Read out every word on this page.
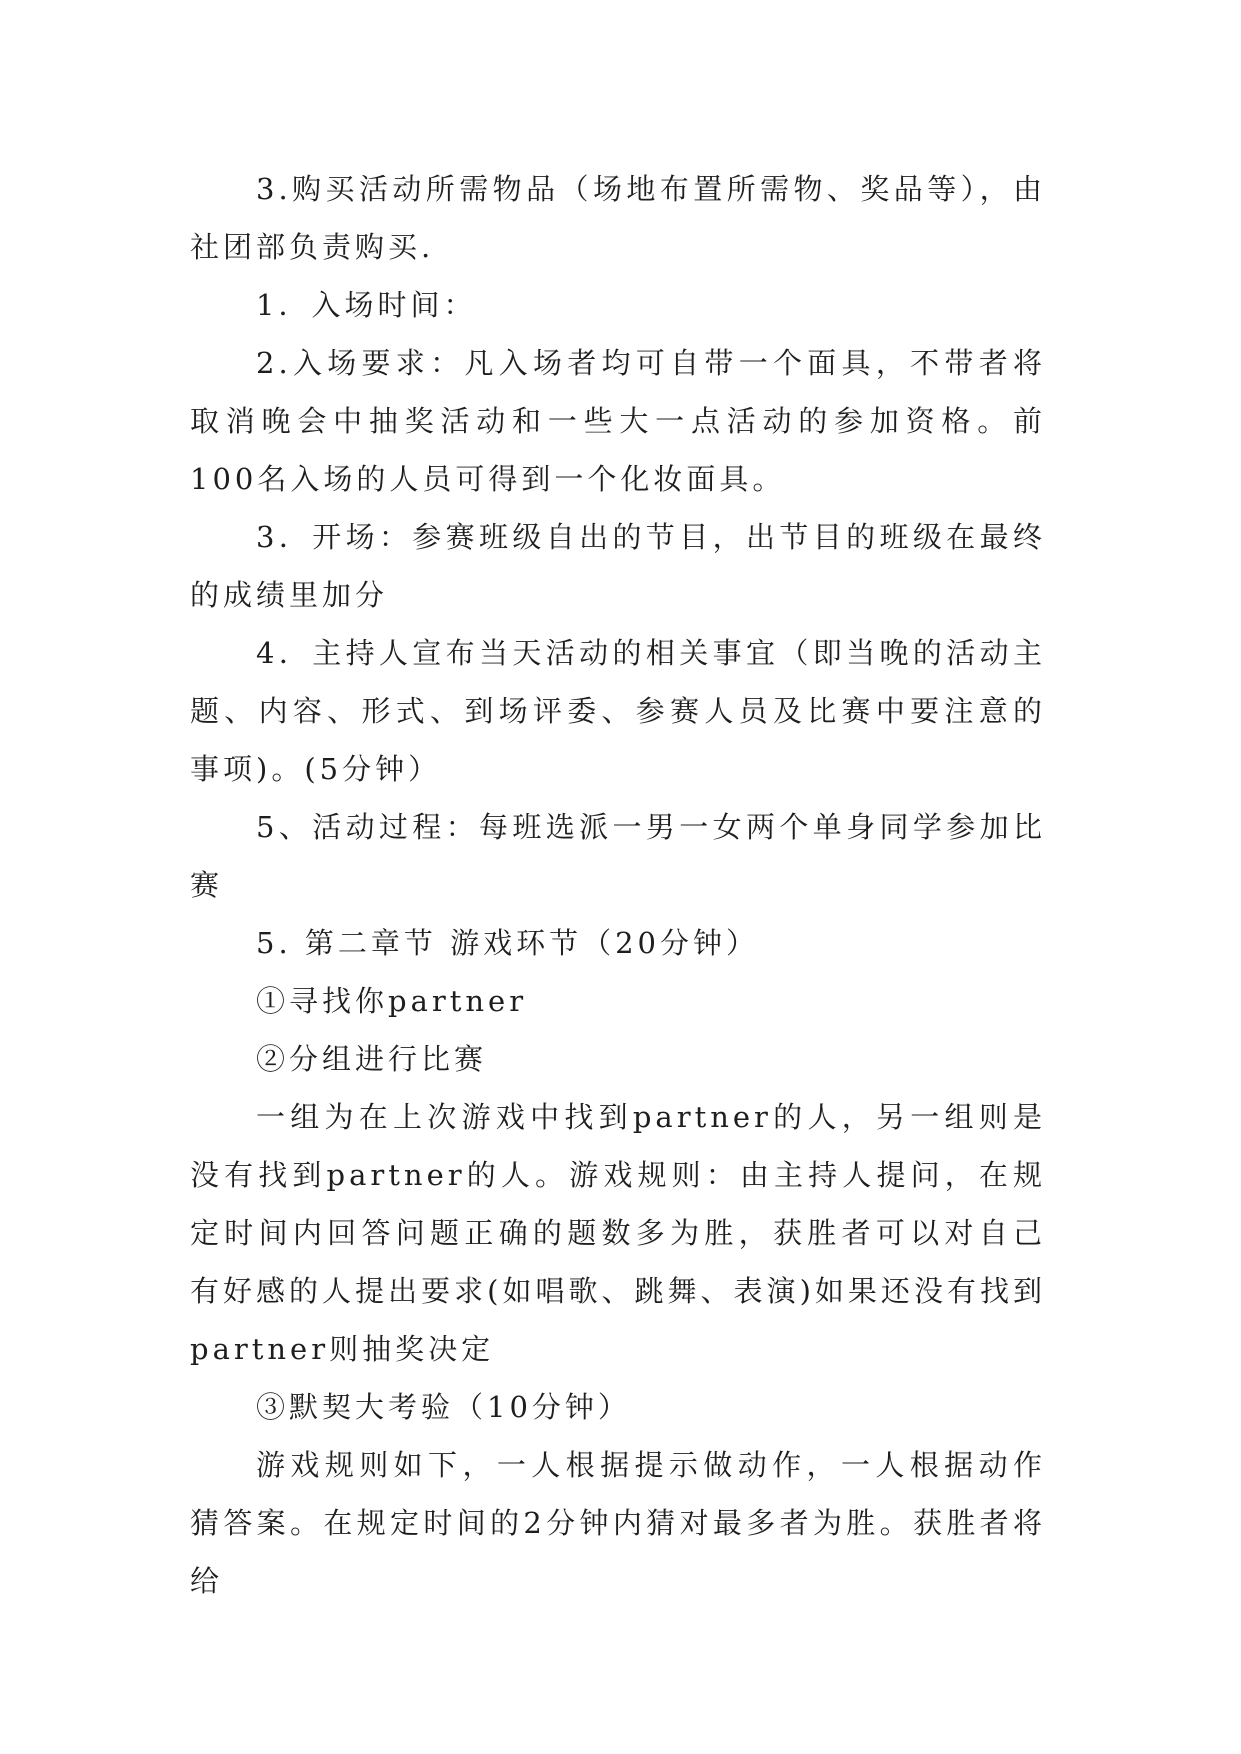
3.购买活动所需物品（场地布置所需物、奖品等），由社团部负责购买.

1．入场时间：

2.入场要求：凡入场者均可自带一个面具，不带者将取消晚会中抽奖活动和一些大一点活动的参加资格。前100名入场的人员可得到一个化妆面具。

3．开场：参赛班级自出的节目，出节目的班级在最终的成绩里加分

4．主持人宣布当天活动的相关事宜（即当晚的活动主题、内容、形式、到场评委、参赛人员及比赛中要注意的事项)。(5分钟）

5、活动过程：每班选派一男一女两个单身同学参加比赛

5. 第二章节 游戏环节（20分钟）

①寻找你partner

②分组进行比赛

一组为在上次游戏中找到partner的人，另一组则是没有找到partner的人。游戏规则：由主持人提问，在规定时间内回答问题正确的题数多为胜，获胜者可以对自己有好感的人提出要求(如唱歌、跳舞、表演)如果还没有找到partner则抽奖决定

③默契大考验（10分钟）

游戏规则如下，一人根据提示做动作，一人根据动作猜答案。在规定时间的2分钟内猜对最多者为胜。获胜者将给
